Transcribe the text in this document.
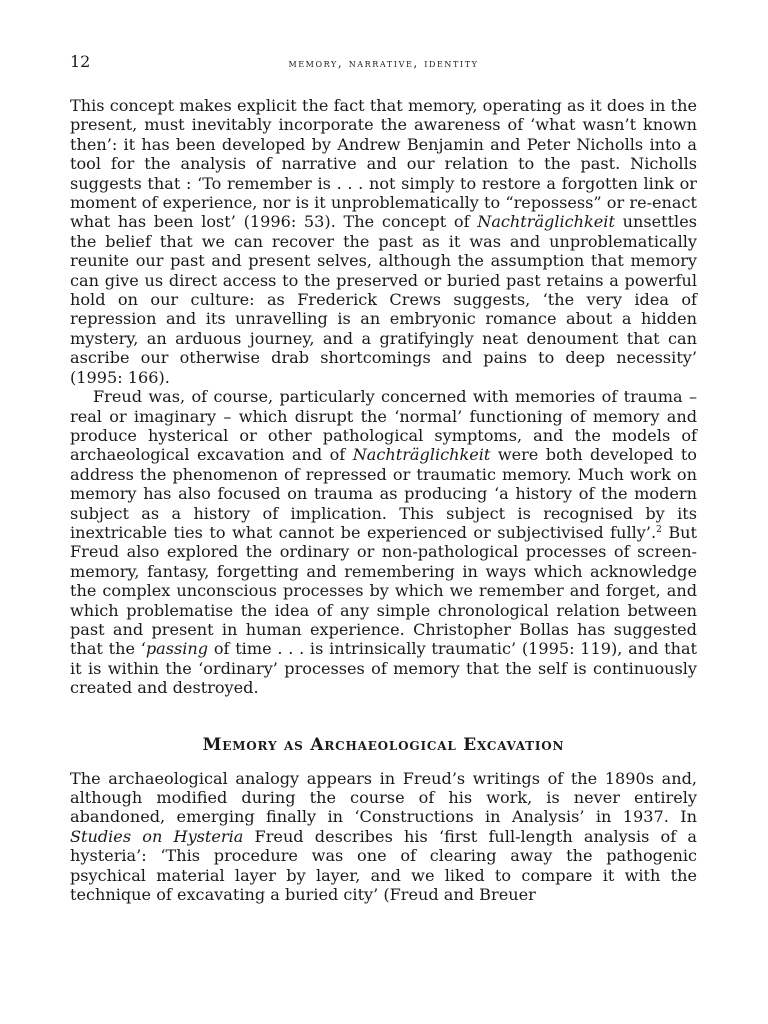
12	memory, narrative, identity

This concept makes explicit the fact that memory, operating as it does in the present, must inevitably incorporate the awareness of ‘what wasn’t known then’: it has been developed by Andrew Benjamin and Peter Nicholls into a tool for the analysis of narrative and our relation to the past. Nicholls suggests that : ‘To remember is . . . not simply to restore a forgotten link or moment of experience, nor is it unproblematically to “repossess” or re-enact what has been lost’ (1996: 53). The concept of Nachträglichkeit unsettles the belief that we can recover the past as it was and unproblematically reunite our past and present selves, although the assumption that memory can give us direct access to the preserved or buried past retains a powerful hold on our culture: as Frederick Crews suggests, ‘the very idea of repression and its unravelling is an embryonic romance about a hidden mystery, an arduous journey, and a gratifyingly neat denoument that can ascribe our otherwise drab shortcomings and pains to deep necessity’ (1995: 166).

Freud was, of course, particularly concerned with memories of trauma – real or imaginary – which disrupt the ‘normal’ functioning of memory and produce hysterical or other pathological symptoms, and the models of archaeological excavation and of Nachträglichkeit were both developed to address the phenomenon of repressed or traumatic memory. Much work on memory has also focused on trauma as producing ‘a history of the modern subject as a history of implication. This subject is recognised by its inextricable ties to what cannot be experienced or subjectivised fully’.$^2$ But Freud also explored the ordinary or non-pathological processes of screen-memory, fantasy, forgetting and remembering in ways which acknowledge the complex unconscious processes by which we remember and forget, and which problematise the idea of any simple chronological relation between past and present in human experience. Christopher Bollas has suggested that the ‘passing of time . . . is intrinsically traumatic’ (1995: 119), and that it is within the ‘ordinary’ processes of memory that the self is continuously created and destroyed.

Memory as Archaeological Excavation

The archaeological analogy appears in Freud’s writings of the 1890s and, although modified during the course of his work, is never entirely abandoned, emerging finally in ‘Constructions in Analysis’ in 1937. In Studies on Hysteria Freud describes his ‘first full-length analysis of a hysteria’: ‘This procedure was one of clearing away the pathogenic psychical material layer by layer, and we liked to compare it with the technique of excavating a buried city’ (Freud and Breuer
